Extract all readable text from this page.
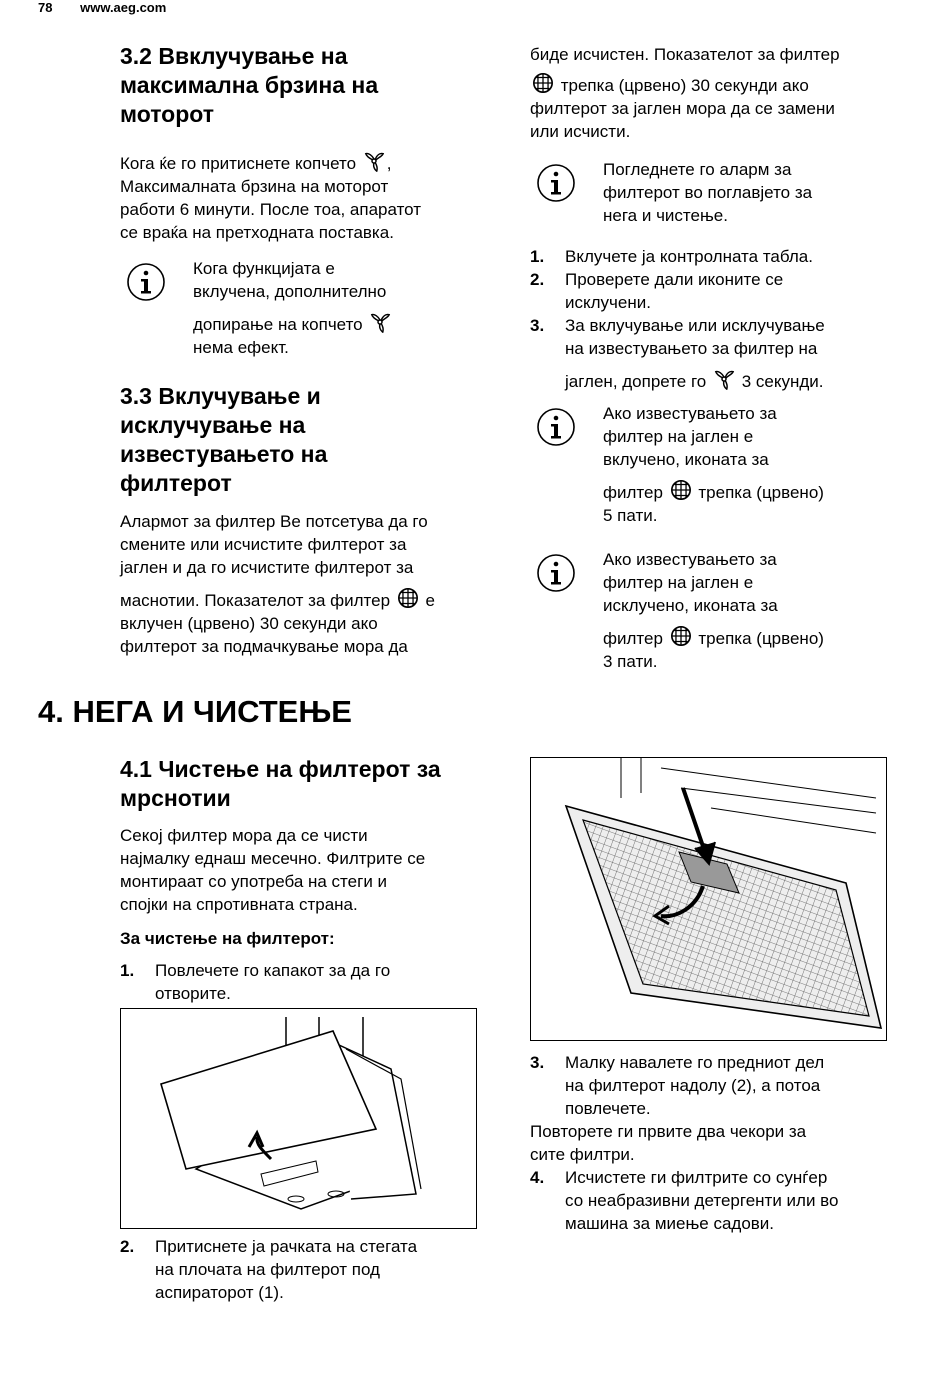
78 www.aeg.com
3.2 Ввклучување на
максимална брзина на
моторот
Кога ќе го притиснете копчето ,
Максималната брзина на моторот
работи 6 минути. После тоа, апаратот
се враќа на претходната поставка.
Кога функцијата е
вклучена, дополнително
допирање на копчето
нема ефект.
3.3 Вклучување и
исклучување на
известувањето на
филтерот
Алармот за филтер Ве потсетува да го
смените или исчистите филтерот за
јаглен и да го исчистите филтерот за
маснотии. Показателот за филтер е
вклучен (црвено) 30 секунди ако
филтерот за подмачкување мора да
биде исчистен. Показателот за филтер
трепка (црвено) 30 секунди ако
филтерот за јаглен мора да се замени
или исчисти.
Погледнете го аларм за
филтерот во поглавјето за
нега и чистење.
1.	Вклучете ја контролната табла.
2.	Проверете дали иконите се
исклучени.
3.	За вклучување или исклучување
на известувањето за филтер на
јаглен, допрете го 3 секунди.
Ако известувањето за
филтер на јаглен е
вклучено, иконата за
филтер трепка (црвено)
5 пати.
Ако известувањето за
филтер на јаглен е
исклучено, иконата за
филтер трепка (црвено)
3 пати.
4. НЕГА И ЧИСТЕЊЕ
4.1 Чистење на филтерот за
мрснотии
Секој филтер мора да се чисти
најмалку еднаш месечно. Филтрите се
монтираат со употреба на стеги и
спојки на спротивната страна.
За чистење на филтерот:
1.	Повлечете го капакот за да го
отворите.
2.	Притиснете ја рачката на стегата
на плочата на филтерот под
аспираторот (1).
3.	Малку навалете го предниот дел
на филтерот надолу (2), а потоа
повлечете.
Повторете ги првите два чекори за
сите филтри.
4.	Исчистете ги филтрите со сунѓер
со неабразивни детергенти или во
машина за миење садови.
